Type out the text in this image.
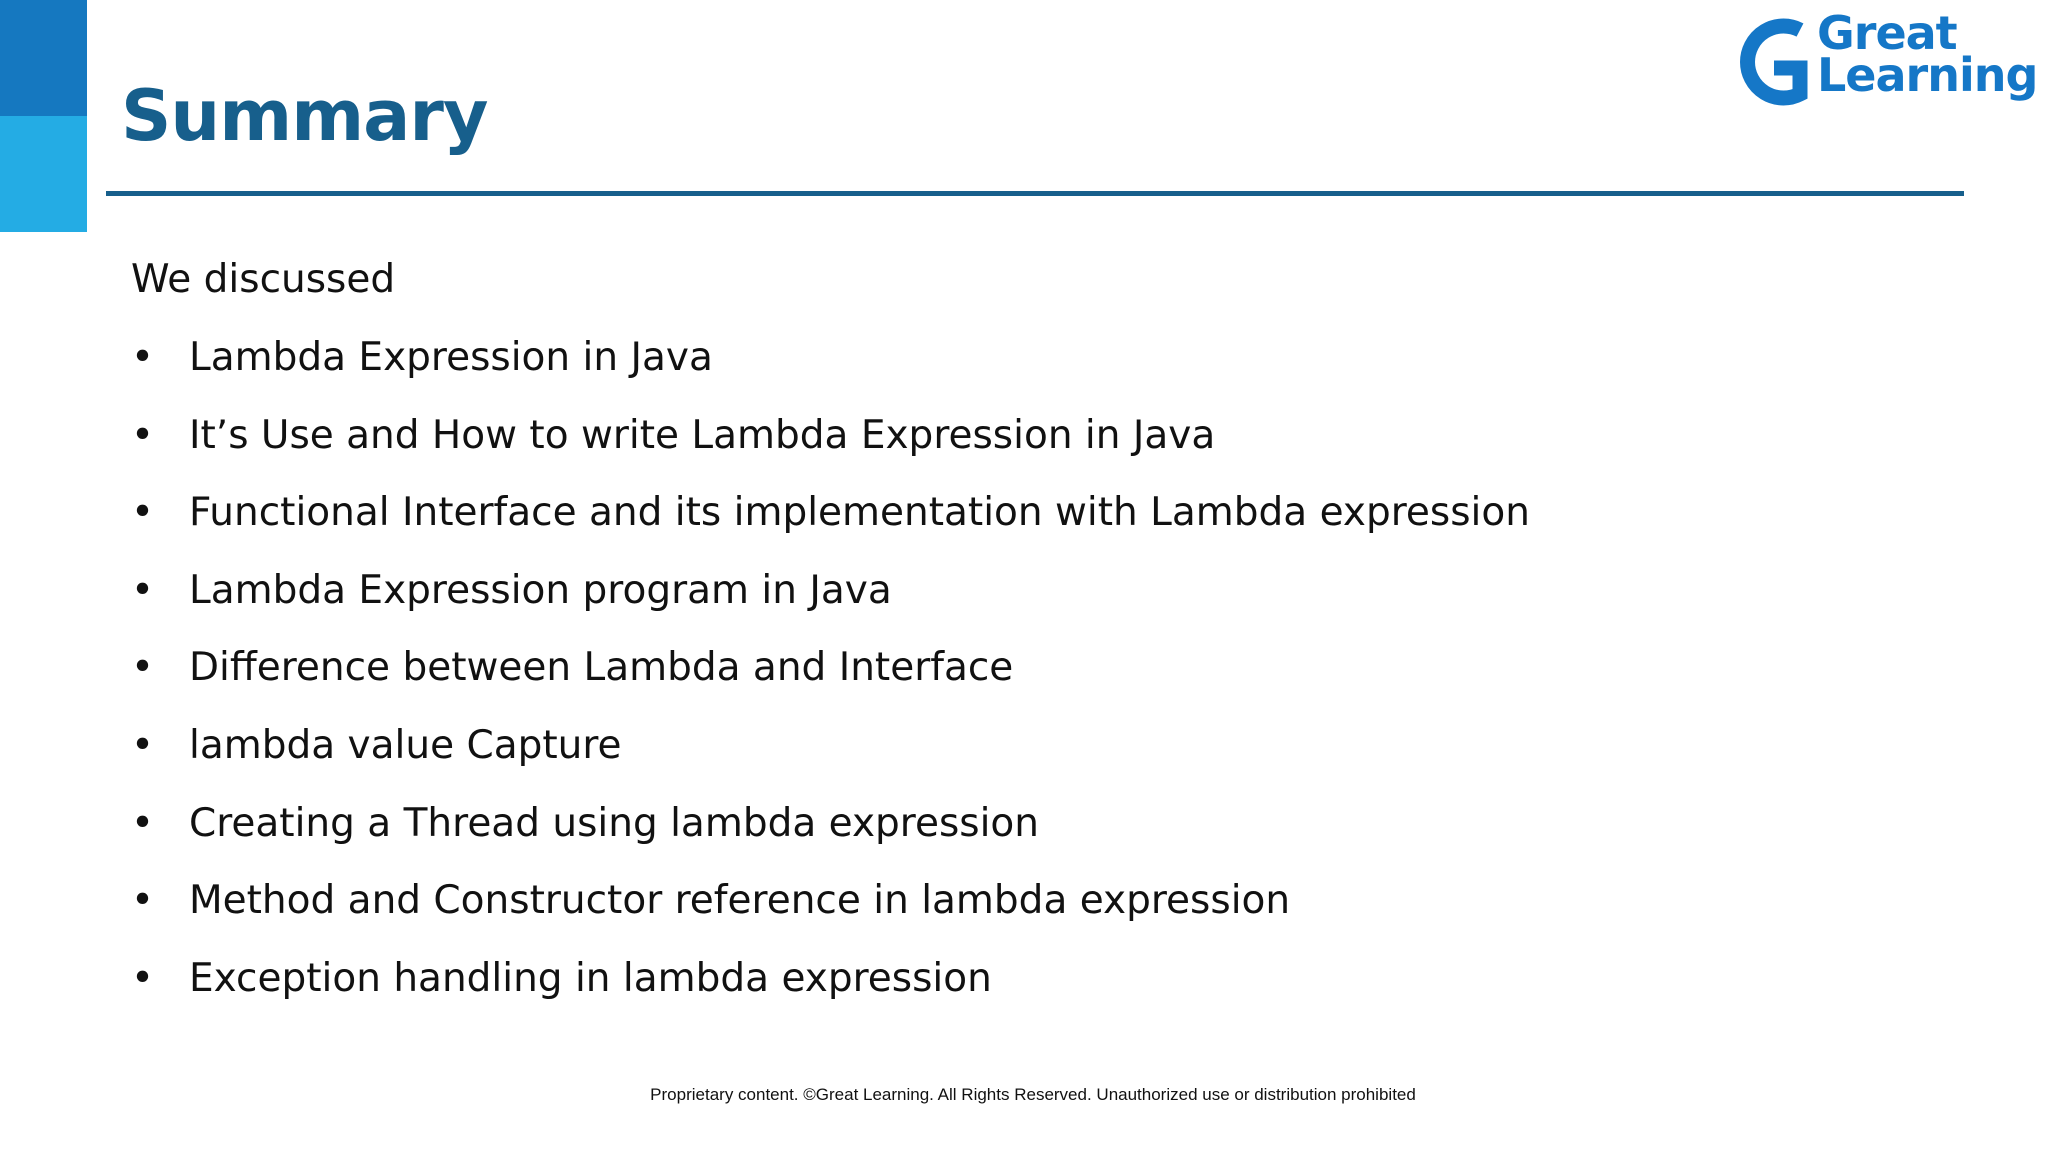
Summary
Great
Learning

We discussed

• Lambda Expression in Java
• It’s Use and How to write Lambda Expression in Java
• Functional Interface and its implementation with Lambda expression
• Lambda Expression program in Java
• Difference between Lambda and Interface
• lambda value Capture
• Creating a Thread using lambda expression
• Method and Constructor reference in lambda expression
• Exception handling in lambda expression
Proprietary content. ©Great Learning. All Rights Reserved. Unauthorized use or distribution prohibited
